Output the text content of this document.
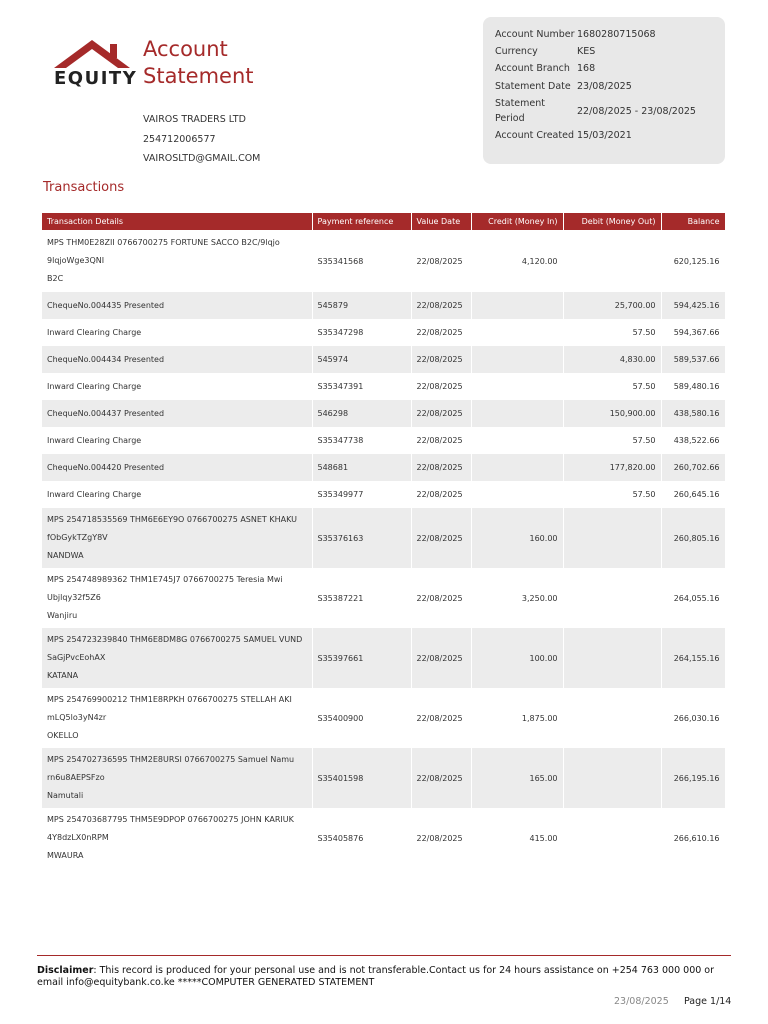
EQUITY
Account
Statement
VAIROS TRADERS LTD
254712006577
VAIROSLTD@GMAIL.COM
Account Number 1680280715068
Currency	KES
Account Branch 168
Statement Date 23/08/2025
Statement
Period
22/08/2025 - 23/08/2025
Account Created 15/03/2021
Transactions
Transaction Details	Payment reference	Value Date	Credit (Money In)	Debit (Money Out)	Balance

MPS THM0E28ZII 0766700275 FORTUNE SACCO B2C/9lqjo
9lqjoWge3QNI
B2C	S35341568	22/08/2025	4,120.00		620,125.16

ChequeNo.004435 Presented	545879	22/08/2025		25,700.00	594,425.16

Inward Clearing Charge	S35347298	22/08/2025		57.50	594,367.66

ChequeNo.004434 Presented	545974	22/08/2025		4,830.00	589,537.66

Inward Clearing Charge	S35347391	22/08/2025		57.50	589,480.16

ChequeNo.004437 Presented	546298	22/08/2025		150,900.00	438,580.16

Inward Clearing Charge	S35347738	22/08/2025		57.50	438,522.66

ChequeNo.004420 Presented	548681	22/08/2025		177,820.00	260,702.66

Inward Clearing Charge	S35349977	22/08/2025		57.50	260,645.16

MPS 254718535569 THM6E6EY9O 0766700275 ASNET KHAKU
fObGykTZgY8V
NANDWA	S35376163	22/08/2025	160.00		260,805.16

MPS 254748989362 THM1E745J7 0766700275 Teresia Mwi
Ubjlqy32f5Z6
Wanjiru	S35387221	22/08/2025	3,250.00		264,055.16

MPS 254723239840 THM6E8DM8G 0766700275 SAMUEL VUND
SaGjPvcEohAX
KATANA	S35397661	22/08/2025	100.00		264,155.16

MPS 254769900212 THM1E8RPKH 0766700275 STELLAH AKI
mLQ5lo3yN4zr
OKELLO	S35400900	22/08/2025	1,875.00		266,030.16

MPS 254702736595 THM2E8URSI 0766700275 Samuel Namu
rn6u8AEPSFzo
Namutali	S35401598	22/08/2025	165.00		266,195.16

MPS 254703687795 THM5E9DPOP 0766700275 JOHN KARIUK
4Y8dzLX0nRPM
MWAURA	S35405876	22/08/2025	415.00		266,610.16
Disclaimer: This record is produced for your personal use and is not transferable.Contact us for 24 hours assistance on +254 763 000 000 or email info@equitybank.co.ke *****COMPUTER GENERATED STATEMENT
23/08/2025 Page 1/14
